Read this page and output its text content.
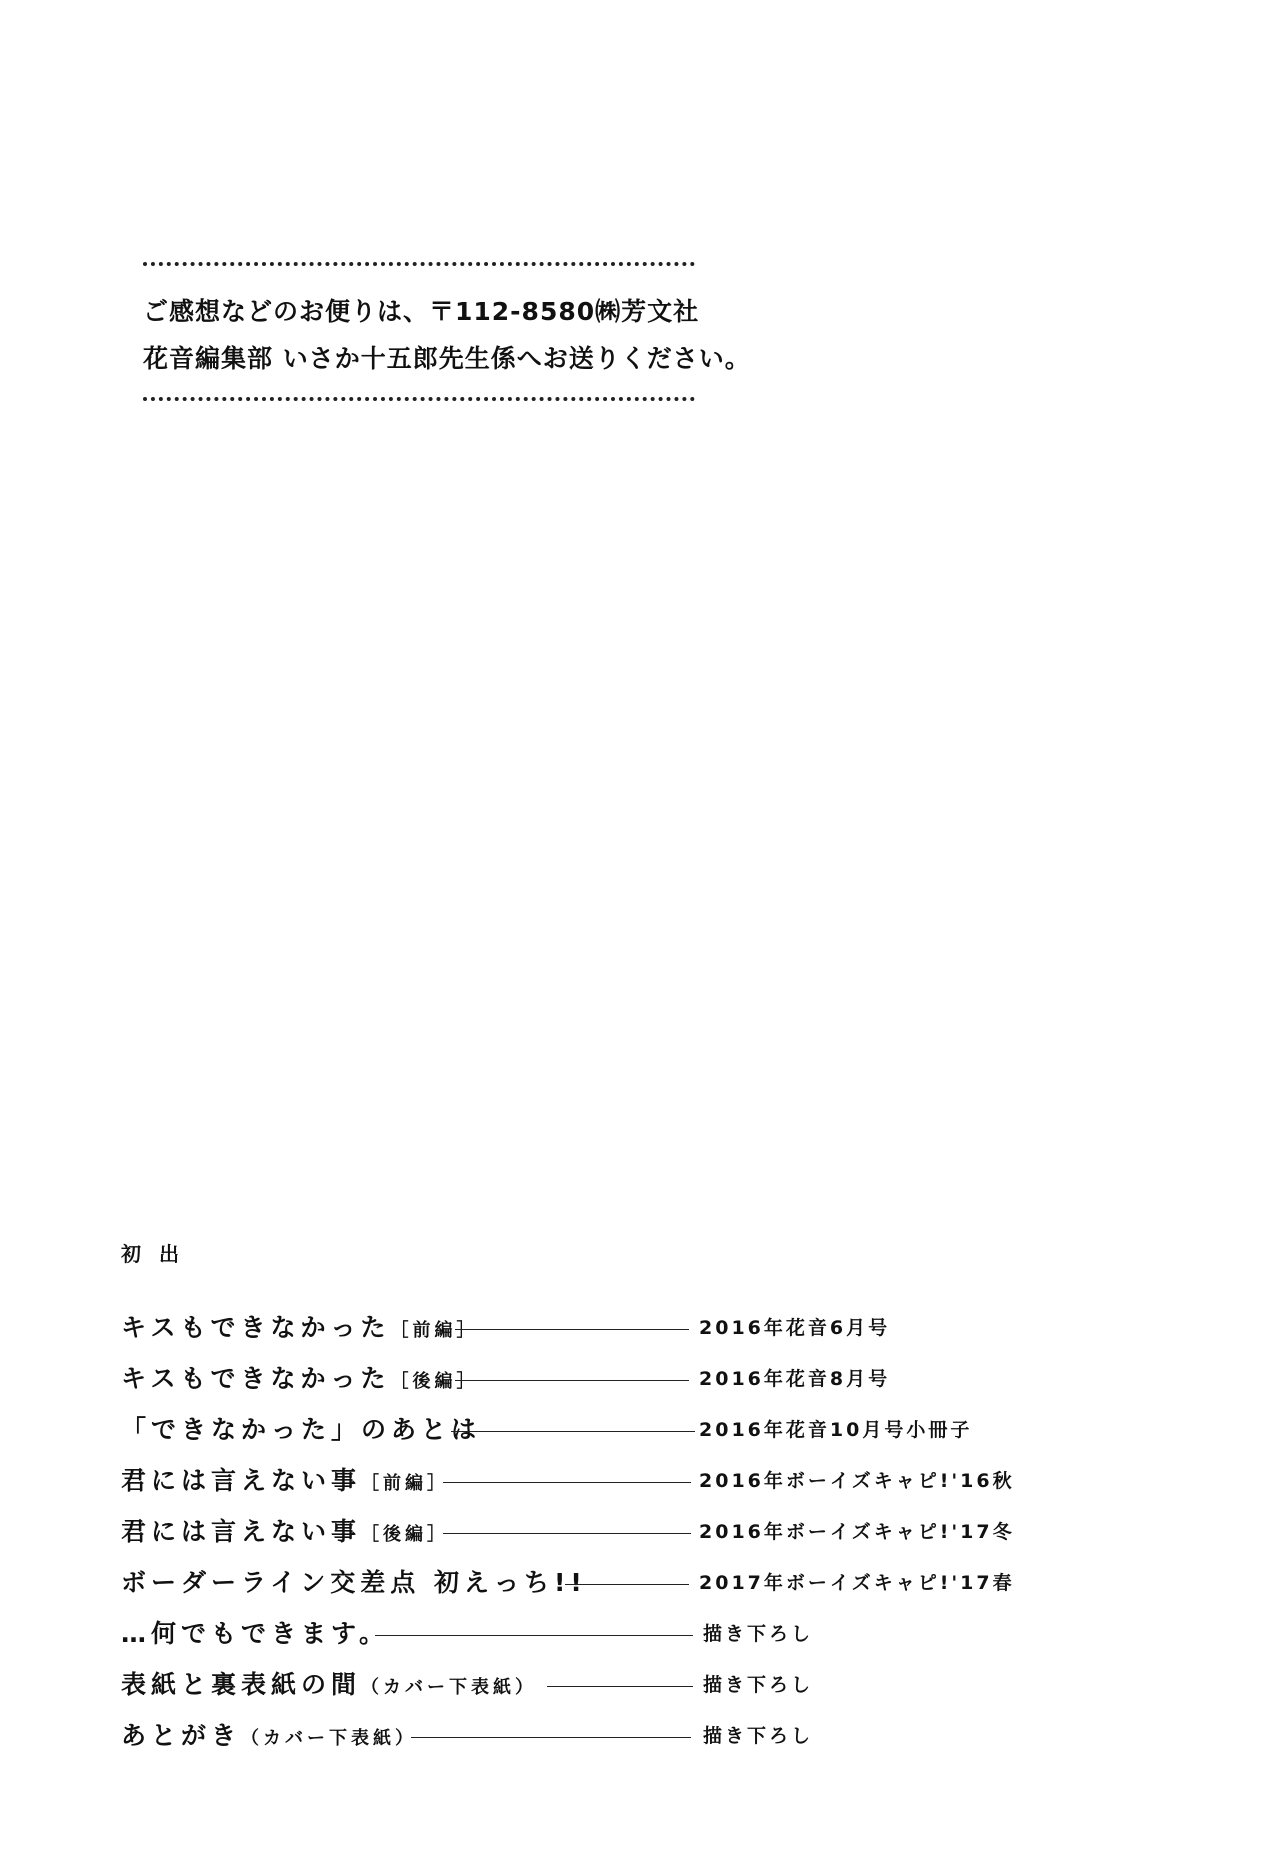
ご感想などのお便りは、〒112-8580㈱芳文社
花音編集部 いさか十五郎先生係へお送りください。
初出
キスもできなかった［前編］	2016年花音6月号
キスもできなかった［後編］	2016年花音8月号
「できなかった」のあとは	2016年花音10月号小冊子
君には言えない事［前編］	2016年ボーイズキャピ!'16秋
君には言えない事［後編］	2016年ボーイズキャピ!'17冬
ボーダーライン交差点 初えっち!!	2017年ボーイズキャピ!'17春
…何でもできます。	描き下ろし
表紙と裏表紙の間（カバー下表紙）	描き下ろし
あとがき（カバー下表紙）	描き下ろし
